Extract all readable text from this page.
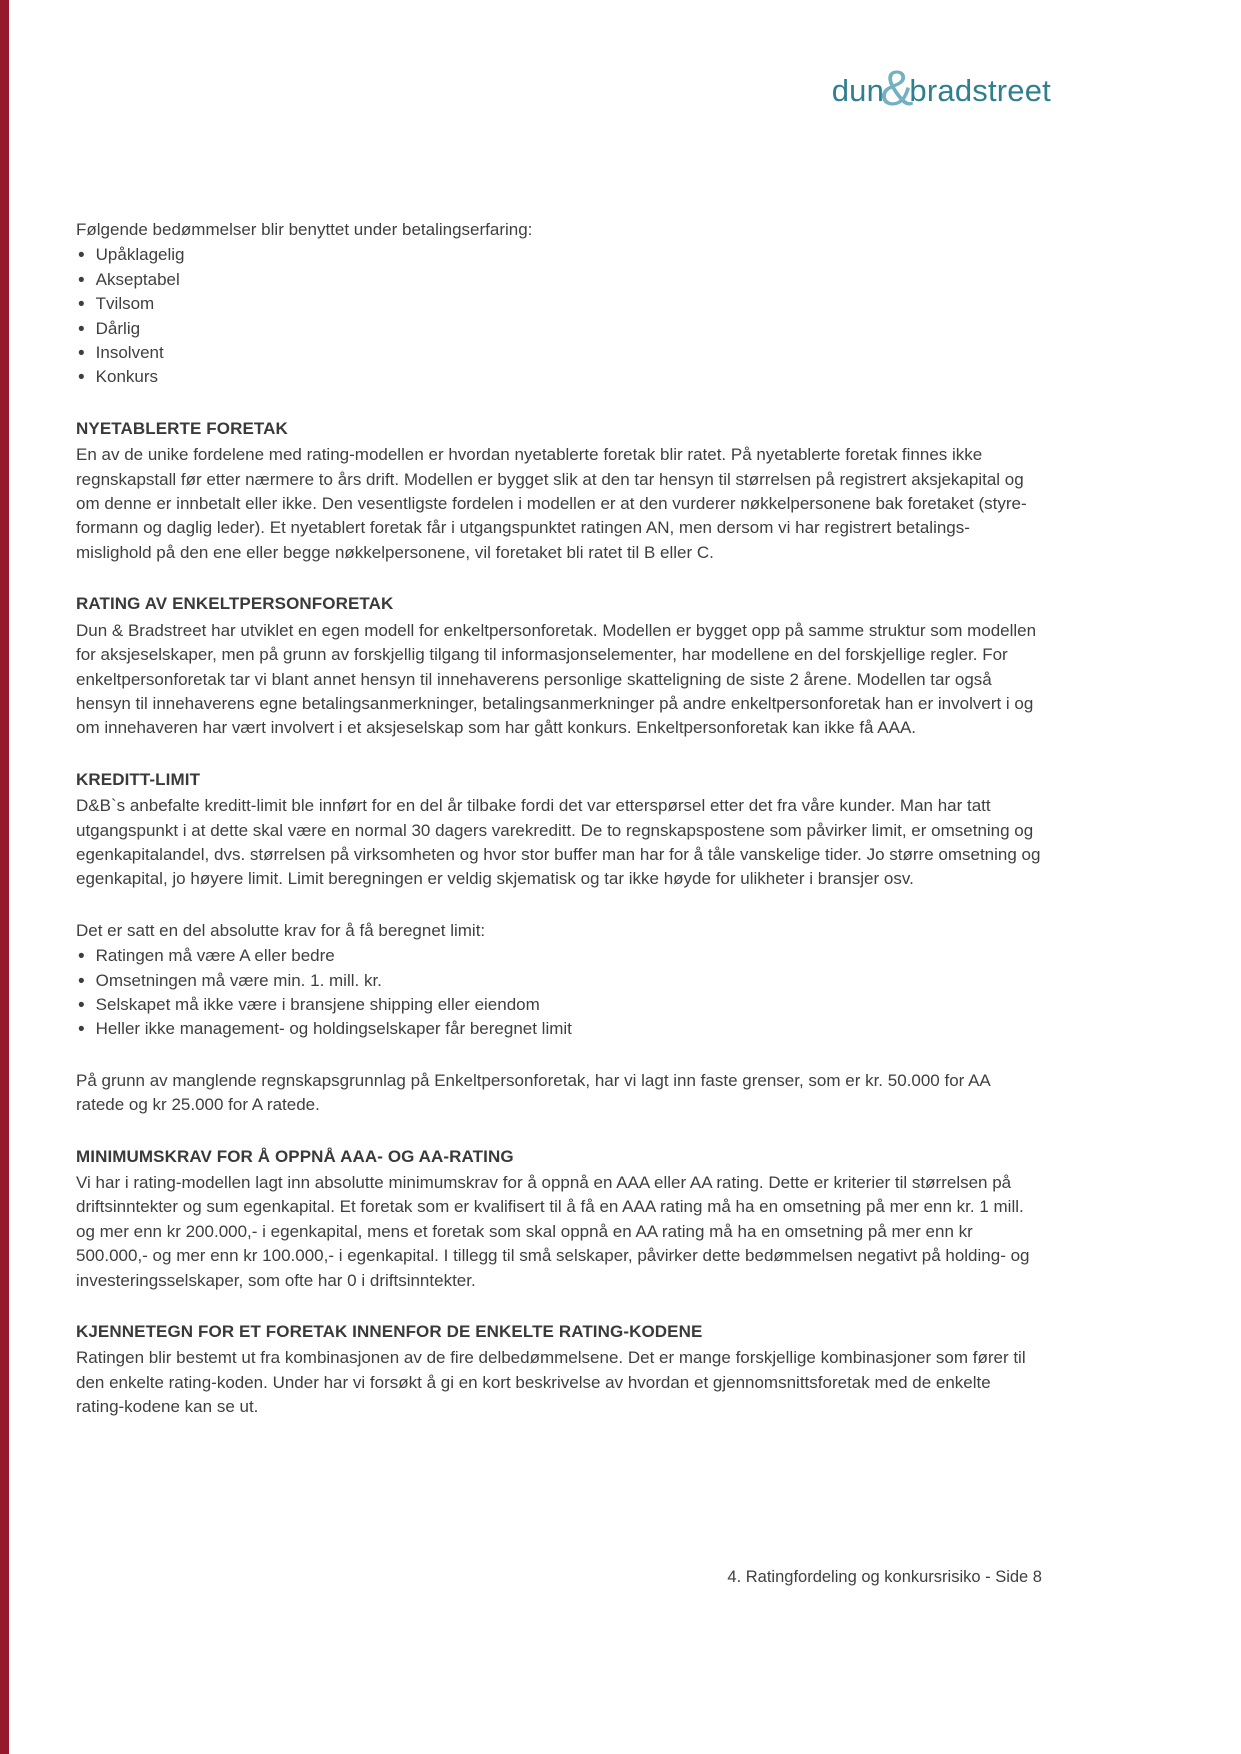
dun
&
bradstreet

Følgende bedømmelser blir benyttet under betalingserfaring:

• Upåklagelig
• Akseptabel
• Tvilsom
• Dårlig
• Insolvent
• Konkurs
NYETABLERTE FORETAK

En av de unike fordelene med rating-modellen er hvordan nyetablerte foretak blir ratet. På nyetablerte foretak finnes ikke regnskapstall før etter nærmere to års drift. Modellen er bygget slik at den tar hensyn til størrelsen på registrert aksjekapital og om denne er innbetalt eller ikke. Den vesentligste fordelen i modellen er at den vurderer nøkkelpersonene bak foretaket (styre- formann og daglig leder). Et nyetablert foretak får i utgangspunktet ratingen AN, men dersom vi har registrert betalings- mislighold på den ene eller begge nøkkelpersonene, vil foretaket bli ratet til B eller C.

RATING AV ENKELTPERSONFORETAK

Dun & Bradstreet har utviklet en egen modell for enkeltpersonforetak. Modellen er bygget opp på samme struktur som modellen for aksjeselskaper, men på grunn av forskjellig tilgang til informasjonselementer, har modellene en del forskjellige regler. For enkeltpersonforetak tar vi blant annet hensyn til innehaverens personlige skatteligning de siste 2 årene. Modellen tar også hensyn til innehaverens egne betalingsanmerkninger, betalingsanmerkninger på andre enkeltpersonforetak han er involvert i og om innehaveren har vært involvert i et aksjeselskap som har gått konkurs. Enkeltpersonforetak kan ikke få AAA.

KREDITT-LIMIT

D&B`s anbefalte kreditt-limit ble innført for en del år tilbake fordi det var etterspørsel etter det fra våre kunder. Man har tatt utgangspunkt i at dette skal være en normal 30 dagers varekreditt. De to regnskapspostene som påvirker limit, er omsetning og egenkapitalandel, dvs. størrelsen på virksomheten og hvor stor buffer man har for å tåle vanskelige tider. Jo større omsetning og egenkapital, jo høyere limit. Limit beregningen er veldig skjematisk og tar ikke høyde for ulikheter i bransjer osv.

Det er satt en del absolutte krav for å få beregnet limit:

• Ratingen må være A eller bedre
• Omsetningen må være min. 1. mill. kr.
• Selskapet må ikke være i bransjene shipping eller eiendom
• Heller ikke management- og holdingselskaper får beregnet limit

På grunn av manglende regnskapsgrunnlag på Enkeltpersonforetak, har vi lagt inn faste grenser, som er kr. 50.000 for AA ratede og kr 25.000 for A ratede.

MINIMUMSKRAV FOR Å OPPNÅ AAA- OG AA-RATING

Vi har i rating-modellen lagt inn absolutte minimumskrav for å oppnå en AAA eller AA rating. Dette er kriterier til størrelsen på driftsinntekter og sum egenkapital. Et foretak som er kvalifisert til å få en AAA rating må ha en omsetning på mer enn kr. 1 mill. og mer enn kr 200.000,- i egenkapital, mens et foretak som skal oppnå en AA rating må ha en omsetning på mer enn kr 500.000,- og mer enn kr 100.000,- i egenkapital. I tillegg til små selskaper, påvirker dette bedømmelsen negativt på holding- og investeringsselskaper, som ofte har 0 i driftsinntekter.

KJENNETEGN FOR ET FORETAK INNENFOR DE ENKELTE RATING-KODENE

Ratingen blir bestemt ut fra kombinasjonen av de fire delbedømmelsene. Det er mange forskjellige kombinasjoner som fører til den enkelte rating-koden. Under har vi forsøkt å gi en kort beskrivelse av hvordan et gjennomsnittsforetak med de enkelte rating-kodene kan se ut.

4. Ratingfordeling og konkursrisiko - Side 8
